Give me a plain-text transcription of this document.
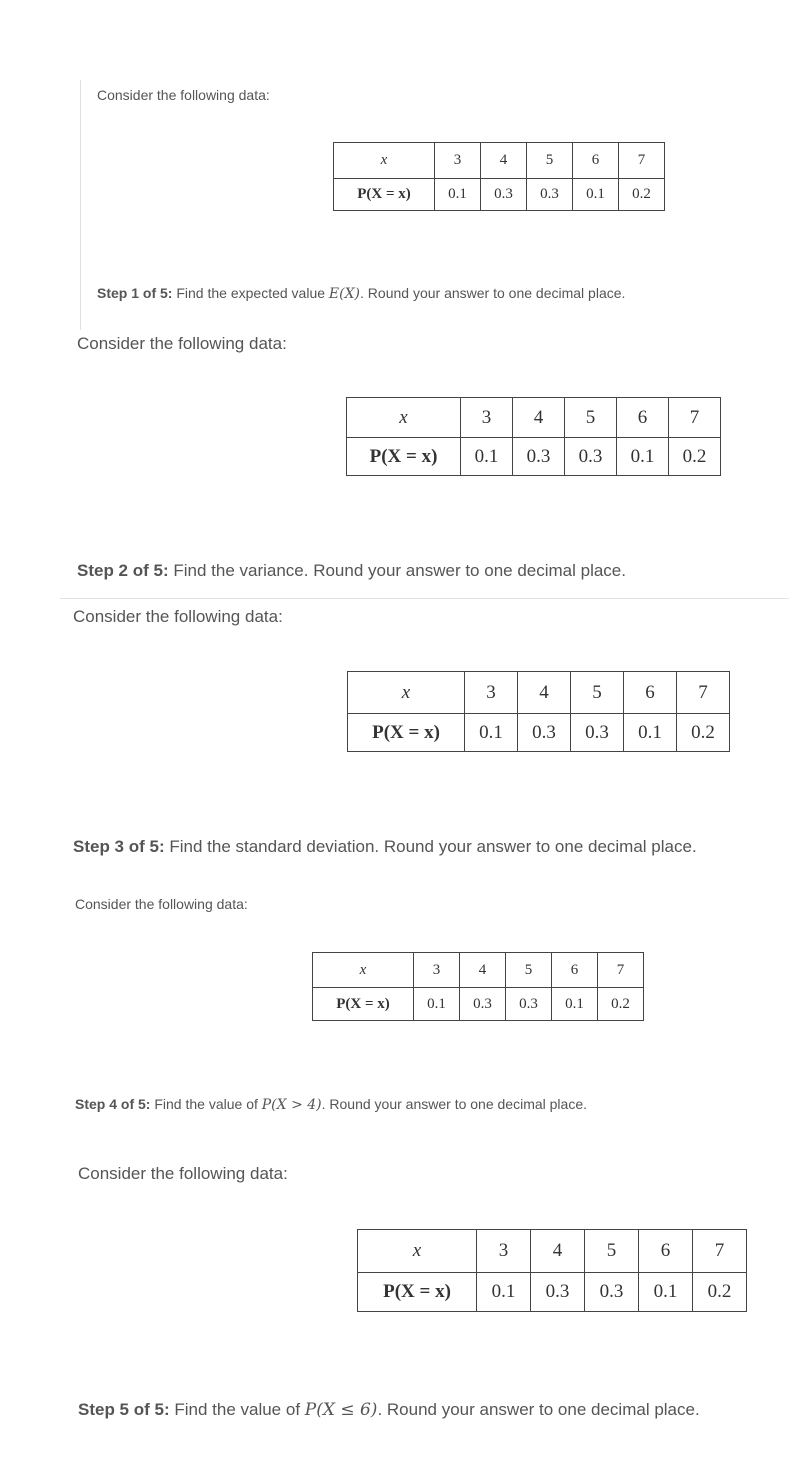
Consider the following data:

x	3	4	5	6	7
P(X = x)	0.1	0.3	0.3	0.1	0.2

Step 1 of 5: Find the expected value E(X). Round your answer to one decimal place.

Consider the following data:

x	3	4	5	6	7
P(X = x)	0.1	0.3	0.3	0.1	0.2

Step 2 of 5: Find the variance. Round your answer to one decimal place.

Consider the following data:

x	3	4	5	6	7
P(X = x)	0.1	0.3	0.3	0.1	0.2

Step 3 of 5: Find the standard deviation. Round your answer to one decimal place.

Consider the following data:

x	3	4	5	6	7
P(X = x)	0.1	0.3	0.3	0.1	0.2

Step 4 of 5: Find the value of P(X > 4). Round your answer to one decimal place.

Consider the following data:

x	3	4	5	6	7
P(X = x)	0.1	0.3	0.3	0.1	0.2

Step 5 of 5: Find the value of P(X ≤ 6). Round your answer to one decimal place.
